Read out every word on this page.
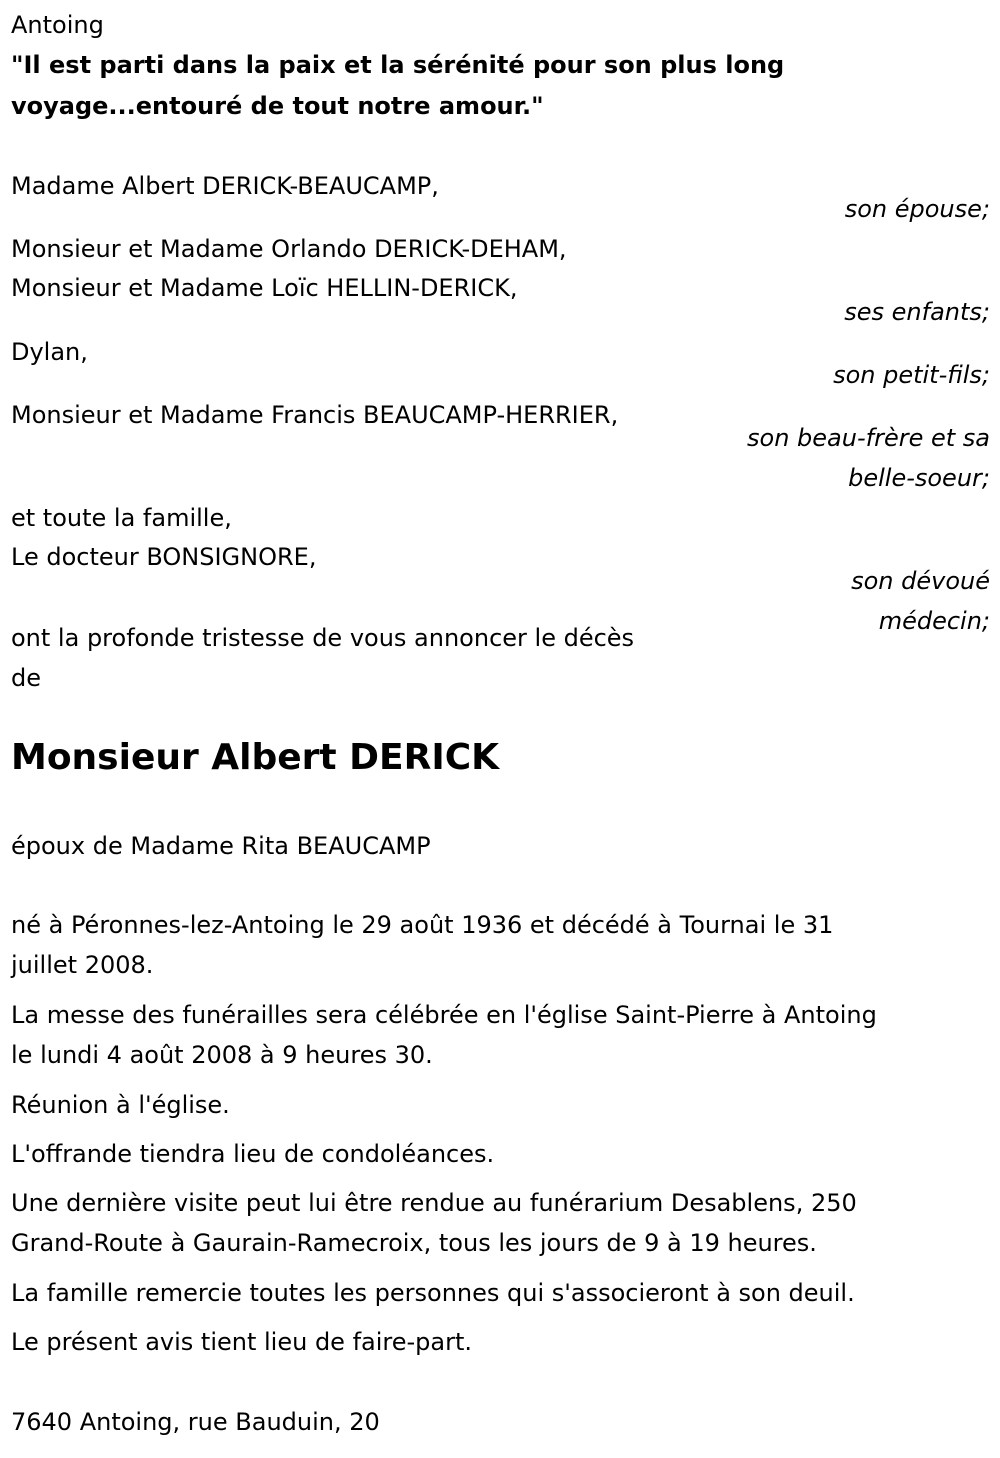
Antoing
"Il est parti dans la paix et la sérénité pour son plus long
voyage...entouré de tout notre amour."
Madame Albert DERICK-BEAUCAMP,
son épouse;
Monsieur et Madame Orlando DERICK-DEHAM,
Monsieur et Madame Loïc HELLIN-DERICK,
ses enfants;
Dylan,
son petit-fils;
Monsieur et Madame Francis BEAUCAMP-HERRIER,
son beau-frère et sa
belle-soeur;
et toute la famille,
Le docteur BONSIGNORE,
son dévoué
médecin;
ont la profonde tristesse de vous annoncer le décès
de
Monsieur Albert DERICK
époux de Madame Rita BEAUCAMP
né à Péronnes-lez-Antoing le 29 août 1936 et décédé à Tournai le 31
juillet 2008.
La messe des funérailles sera célébrée en l'église Saint-Pierre à Antoing
le lundi 4 août 2008 à 9 heures 30.
Réunion à l'église.
L'offrande tiendra lieu de condoléances.
Une dernière visite peut lui être rendue au funérarium Desablens, 250
Grand-Route à Gaurain-Ramecroix, tous les jours de 9 à 19 heures.
La famille remercie toutes les personnes qui s'associeront à son deuil.
Le présent avis tient lieu de faire-part.
7640 Antoing, rue Bauduin, 20
